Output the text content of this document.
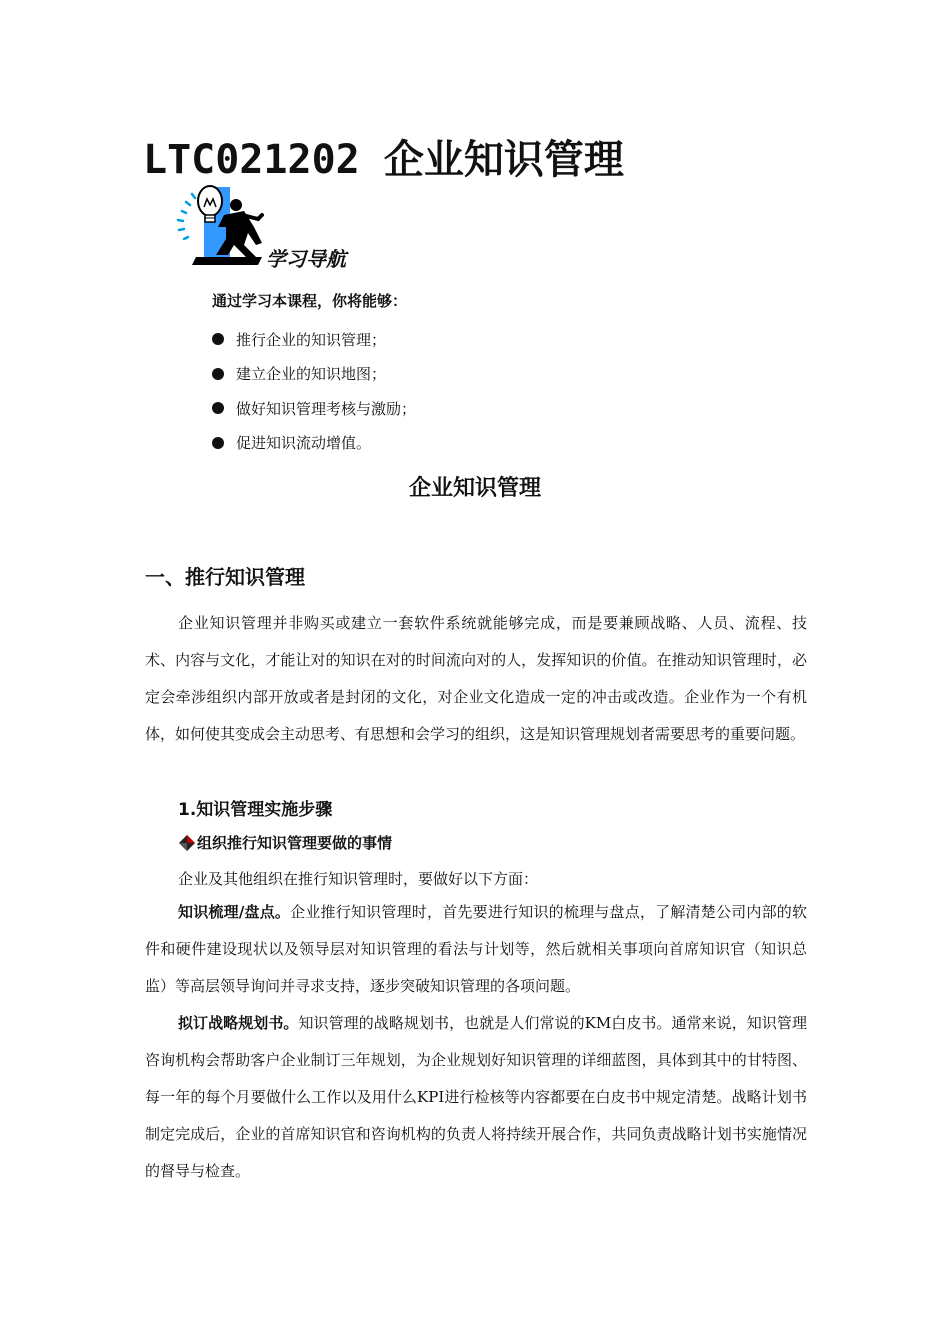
LTC021202 企业知识管理
学习导航
通过学习本课程，你将能够：
推行企业的知识管理；
建立企业的知识地图；
做好知识管理考核与激励；
促进知识流动增值。
企业知识管理
一、推行知识管理

企业知识管理并非购买或建立一套软件系统就能够完成，而是要兼顾战略、人员、流程、技术、内容与文化，才能让对的知识在对的时间流向对的人，发挥知识的价值。在推动知识管理时，必定会牵涉组织内部开放或者是封闭的文化，对企业文化造成一定的冲击或改造。企业作为一个有机体，如何使其变成会主动思考、有思想和会学习的组织，这是知识管理规划者需要思考的重要问题。

1.知识管理实施步骤
组织推行知识管理要做的事情
企业及其他组织在推行知识管理时，要做好以下方面：

知识梳理/盘点。企业推行知识管理时，首先要进行知识的梳理与盘点，了解清楚公司内部的软件和硬件建设现状以及领导层对知识管理的看法与计划等，然后就相关事项向首席知识官（知识总监）等高层领导询问并寻求支持，逐步突破知识管理的各项问题。

拟订战略规划书。知识管理的战略规划书，也就是人们常说的KM白皮书。通常来说，知识管理咨询机构会帮助客户企业制订三年规划，为企业规划好知识管理的详细蓝图，具体到其中的甘特图、每一年的每个月要做什么工作以及用什么KPI进行检核等内容都要在白皮书中规定清楚。战略计划书制定完成后，企业的首席知识官和咨询机构的负责人将持续开展合作，共同负责战略计划书实施情况的督导与检查。
